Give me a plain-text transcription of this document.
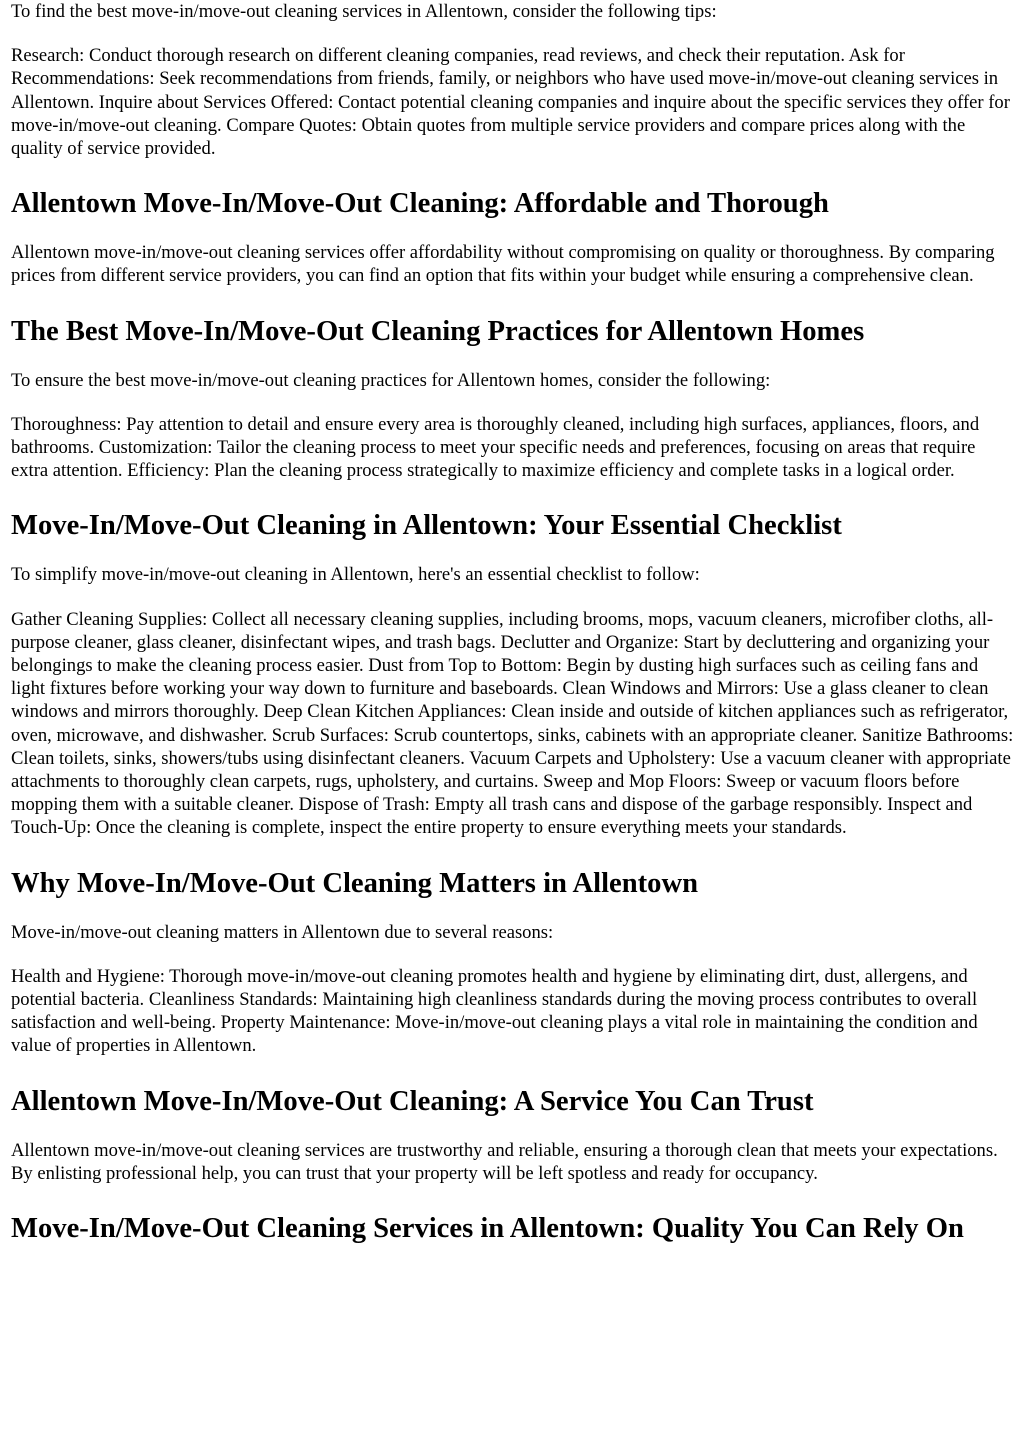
To find the best move-in/move-out cleaning services in Allentown, consider the following tips:

Research: Conduct thorough research on different cleaning companies, read reviews, and check their reputation. Ask for Recommendations: Seek recommendations from friends, family, or neighbors who have used move-in/move-out cleaning services in Allentown. Inquire about Services Offered: Contact potential cleaning companies and inquire about the specific services they offer for move-in/move-out cleaning. Compare Quotes: Obtain quotes from multiple service providers and compare prices along with the quality of service provided.

Allentown Move-In/Move-Out Cleaning: Affordable and Thorough

Allentown move-in/move-out cleaning services offer affordability without compromising on quality or thoroughness. By comparing prices from different service providers, you can find an option that fits within your budget while ensuring a comprehensive clean.

The Best Move-In/Move-Out Cleaning Practices for Allentown Homes

To ensure the best move-in/move-out cleaning practices for Allentown homes, consider the following:

Thoroughness: Pay attention to detail and ensure every area is thoroughly cleaned, including high surfaces, appliances, floors, and bathrooms. Customization: Tailor the cleaning process to meet your specific needs and preferences, focusing on areas that require extra attention. Efficiency: Plan the cleaning process strategically to maximize efficiency and complete tasks in a logical order.

Move-In/Move-Out Cleaning in Allentown: Your Essential Checklist

To simplify move-in/move-out cleaning in Allentown, here's an essential checklist to follow:

Gather Cleaning Supplies: Collect all necessary cleaning supplies, including brooms, mops, vacuum cleaners, microfiber cloths, all-purpose cleaner, glass cleaner, disinfectant wipes, and trash bags. Declutter and Organize: Start by decluttering and organizing your belongings to make the cleaning process easier. Dust from Top to Bottom: Begin by dusting high surfaces such as ceiling fans and light fixtures before working your way down to furniture and baseboards. Clean Windows and Mirrors: Use a glass cleaner to clean windows and mirrors thoroughly. Deep Clean Kitchen Appliances: Clean inside and outside of kitchen appliances such as refrigerator, oven, microwave, and dishwasher. Scrub Surfaces: Scrub countertops, sinks, cabinets with an appropriate cleaner. Sanitize Bathrooms: Clean toilets, sinks, showers/tubs using disinfectant cleaners. Vacuum Carpets and Upholstery: Use a vacuum cleaner with appropriate attachments to thoroughly clean carpets, rugs, upholstery, and curtains. Sweep and Mop Floors: Sweep or vacuum floors before mopping them with a suitable cleaner. Dispose of Trash: Empty all trash cans and dispose of the garbage responsibly. Inspect and Touch-Up: Once the cleaning is complete, inspect the entire property to ensure everything meets your standards.

Why Move-In/Move-Out Cleaning Matters in Allentown

Move-in/move-out cleaning matters in Allentown due to several reasons:

Health and Hygiene: Thorough move-in/move-out cleaning promotes health and hygiene by eliminating dirt, dust, allergens, and potential bacteria. Cleanliness Standards: Maintaining high cleanliness standards during the moving process contributes to overall satisfaction and well-being. Property Maintenance: Move-in/move-out cleaning plays a vital role in maintaining the condition and value of properties in Allentown.

Allentown Move-In/Move-Out Cleaning: A Service You Can Trust

Allentown move-in/move-out cleaning services are trustworthy and reliable, ensuring a thorough clean that meets your expectations. By enlisting professional help, you can trust that your property will be left spotless and ready for occupancy.

Move-In/Move-Out Cleaning Services in Allentown: Quality You Can Rely On
